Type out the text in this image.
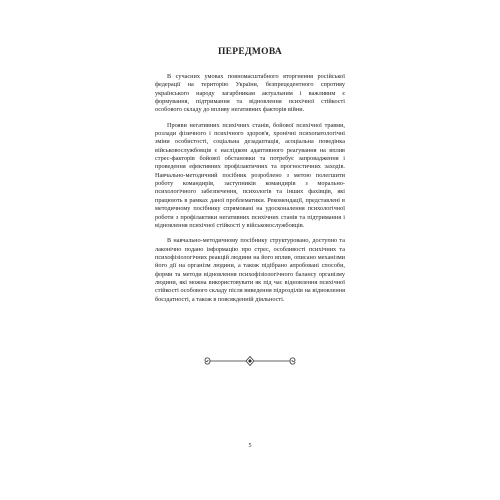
ПЕРЕДМОВА

В сучасних умовах повномасштабного вторгнення російської федерації на територію України, безпрецедентного спротиву українського народу загарбникам актуальним і важливим є формування, підтримання та відновлення психічної стійкості особового складу до впливу негативних факторів війни.

Прояви негативних психічних станів, бойової психічної травми, розлади фізичного і психічного здоров'я, хронічні психопатологічні зміни особистості, соціальна дезадаптація, асоціальна поведінка військовослужбовців є наслідком адаптивного реагування на вплив стрес-факторів бойової обстановки та потребує запровадження і проведення ефективних профілактичних та прогностичних заходів. Навчально-методичний посібник розроблено з метою полегшити роботу командирів, заступників командирів з морально-психологічного забезпечення, психологів та інших фахівців, які працюють в рамках даної проблематики. Рекомендації, представлені в методичному посібнику спрямовані на удосконалення психологічної роботи з профілактики негативних психічних станів та підтримання і відновлення психічної стійкості у військовослужбовців.

В навчально-методичному посібнику структуровано, доступно та лаконічно подано інформацію про стрес, особливості психічних та психофізіологічних реакцій людини на його вплив, описано механізми його дії на організм людини, а також підібрано апробовані способи, форми та методи відновлення психофізіологічного балансу організму людини, які можна використовувати як під час відновлення психічної стійкості особового складу після виведення підрозділів на відновлення боєздатності, а також в повсякденній діяльності.

5
